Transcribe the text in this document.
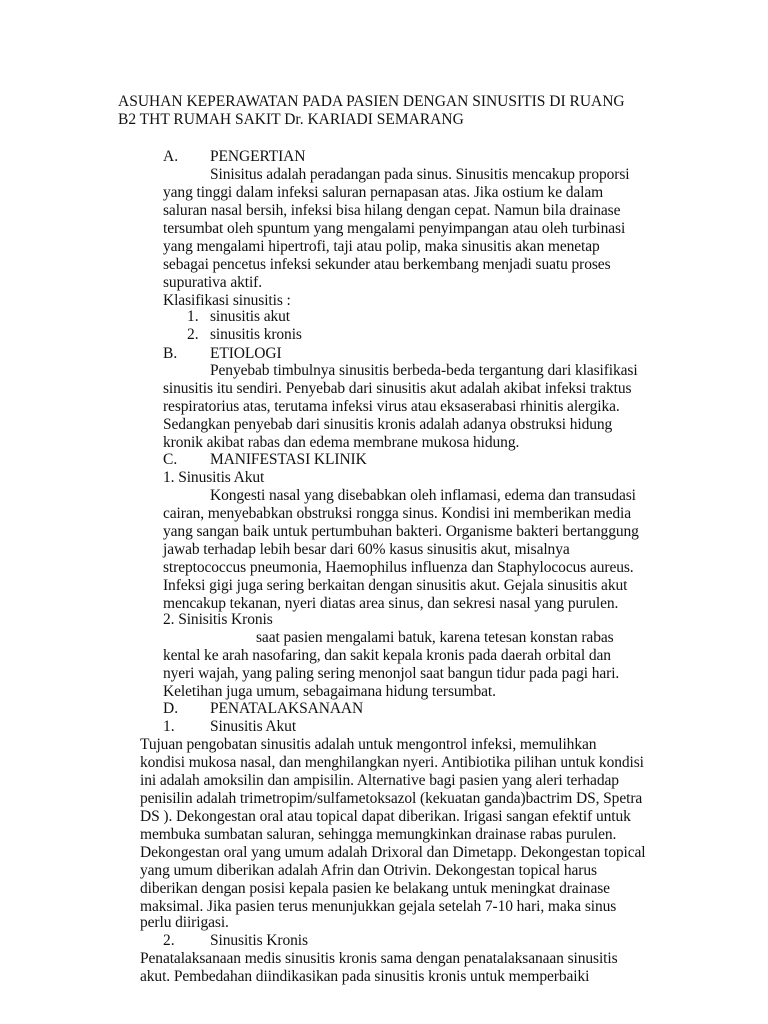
ASUHAN KEPERAWATAN PADA PASIEN DENGAN SINUSITIS DI RUANG
B2 THT RUMAH SAKIT Dr. KARIADI SEMARANG
A. PENGERTIAN
Sinisitus adalah peradangan pada sinus. Sinusitis mencakup proporsi
yang tinggi dalam infeksi saluran pernapasan atas. Jika ostium ke dalam
saluran nasal bersih, infeksi bisa hilang dengan cepat. Namun bila drainase
tersumbat oleh spuntum yang mengalami penyimpangan atau oleh turbinasi
yang mengalami hipertrofi, taji atau polip, maka sinusitis akan menetap
sebagai pencetus infeksi sekunder atau berkembang menjadi suatu proses
supurativa aktif.
Klasifikasi sinusitis :
1. sinusitis akut
2. sinusitis kronis
B. ETIOLOGI
Penyebab timbulnya sinusitis berbeda-beda tergantung dari klasifikasi
sinusitis itu sendiri. Penyebab dari sinusitis akut adalah akibat infeksi traktus
respiratorius atas, terutama infeksi virus atau eksaserabasi rhinitis alergika.
Sedangkan penyebab dari sinusitis kronis adalah adanya obstruksi hidung
kronik akibat rabas dan edema membrane mukosa hidung.
C. MANIFESTASI KLINIK
1. Sinusitis Akut
Kongesti nasal yang disebabkan oleh inflamasi, edema dan transudasi
cairan, menyebabkan obstruksi rongga sinus. Kondisi ini memberikan media
yang sangan baik untuk pertumbuhan bakteri. Organisme bakteri bertanggung
jawab terhadap lebih besar dari 60% kasus sinusitis akut, misalnya
streptococcus pneumonia, Haemophilus influenza dan Staphylococus aureus.
Infeksi gigi juga sering berkaitan dengan sinusitis akut. Gejala sinusitis akut
mencakup tekanan, nyeri diatas area sinus, dan sekresi nasal yang purulen.
2. Sinisitis Kronis
saat pasien mengalami batuk, karena tetesan konstan rabas
kental ke arah nasofaring, dan sakit kepala kronis pada daerah orbital dan
nyeri wajah, yang paling sering menonjol saat bangun tidur pada pagi hari.
Keletihan juga umum, sebagaimana hidung tersumbat.
D. PENATALAKSANAAN
1. Sinusitis Akut
Tujuan pengobatan sinusitis adalah untuk mengontrol infeksi, memulihkan
kondisi mukosa nasal, dan menghilangkan nyeri. Antibiotika pilihan untuk kondisi
ini adalah amoksilin dan ampisilin. Alternative bagi pasien yang aleri terhadap
penisilin adalah trimetropim/sulfametoksazol (kekuatan ganda)bactrim DS, Spetra
DS ). Dekongestan oral atau topical dapat diberikan. Irigasi sangan efektif untuk
membuka sumbatan saluran, sehingga memungkinkan drainase rabas purulen.
Dekongestan oral yang umum adalah Drixoral dan Dimetapp. Dekongestan topical
yang umum diberikan adalah Afrin dan Otrivin. Dekongestan topical harus
diberikan dengan posisi kepala pasien ke belakang untuk meningkat drainase
maksimal. Jika pasien terus menunjukkan gejala setelah 7-10 hari, maka sinus
perlu diirigasi.
2. Sinusitis Kronis
Penatalaksanaan medis sinusitis kronis sama dengan penatalaksanaan sinusitis
akut. Pembedahan diindikasikan pada sinusitis kronis untuk memperbaiki
